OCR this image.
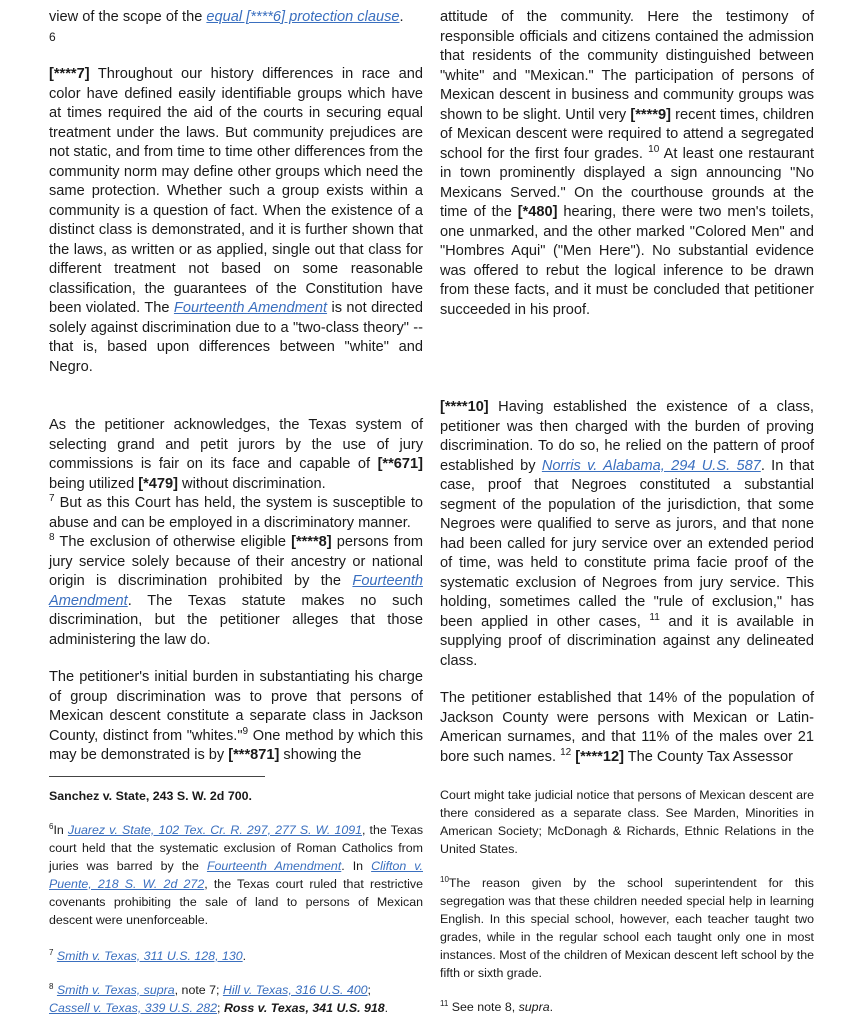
view of the scope of the equal [****6] protection clause.
6

[****7] Throughout our history differences in race and color have defined easily identifiable groups which have at times required the aid of the courts in securing equal treatment under the laws. But community prejudices are not static, and from time to time other differences from the community norm may define other groups which need the same protection. Whether such a group exists within a community is a question of fact. When the existence of a distinct class is demonstrated, and it is further shown that the laws, as written or as applied, single out that class for different treatment not based on some reasonable classification, the guarantees of the Constitution have been violated. The Fourteenth Amendment is not directed solely against discrimination due to a "two-class theory" -- that is, based upon differences between "white" and Negro.

As the petitioner acknowledges, the Texas system of selecting grand and petit jurors by the use of jury commissions is fair on its face and capable of [**671] being utilized [*479] without discrimination.
$^7$ But as this Court has held, the system is susceptible to abuse and can be employed in a discriminatory manner.
$^8$ The exclusion of otherwise eligible [****8] persons from jury service solely because of their ancestry or national origin is discrimination prohibited by the Fourteenth Amendment. The Texas statute makes no such discrimination, but the petitioner alleges that those administering the law do.

The petitioner's initial burden in substantiating his charge of group discrimination was to prove that persons of Mexican descent constitute a separate class in Jackson County, distinct from "whites."$^9$ One method by which this may be demonstrated is by [***871] showing the

Sanchez v. State, 243 S. W. 2d 700.

$^6$In Juarez v. State, 102 Tex. Cr. R. 297, 277 S. W. 1091, the Texas court held that the systematic exclusion of Roman Catholics from juries was barred by the Fourteenth Amendment. In Clifton v. Puente, 218 S. W. 2d 272, the Texas court ruled that restrictive covenants prohibiting the sale of land to persons of Mexican descent were unenforceable.

$^7$ Smith v. Texas, 311 U.S. 128, 130.

$^8$ Smith v. Texas, supra, note 7; Hill v. Texas, 316 U.S. 400;
Cassell v. Texas, 339 U.S. 282; Ross v. Texas, 341 U.S. 918.

attitude of the community. Here the testimony of responsible officials and citizens contained the admission that residents of the community distinguished between "white" and "Mexican." The participation of persons of Mexican descent in business and community groups was shown to be slight. Until very [****9] recent times, children of Mexican descent were required to attend a segregated school for the first four grades. $^{10}$ At least one restaurant in town prominently displayed a sign announcing "No Mexicans Served." On the courthouse grounds at the time of the [*480] hearing, there were two men's toilets, one unmarked, and the other marked "Colored Men" and "Hombres Aqui" ("Men Here"). No substantial evidence was offered to rebut the logical inference to be drawn from these facts, and it must be concluded that petitioner succeeded in his proof.

[****10] Having established the existence of a class, petitioner was then charged with the burden of proving discrimination. To do so, he relied on the pattern of proof established by Norris v. Alabama, 294 U.S. 587. In that case, proof that Negroes constituted a substantial segment of the population of the jurisdiction, that some Negroes were qualified to serve as jurors, and that none had been called for jury service over an extended period of time, was held to constitute prima facie proof of the systematic exclusion of Negroes from jury service. This holding, sometimes called the "rule of exclusion," has been applied in other cases, $^{11}$ and it is available in supplying proof of discrimination against any delineated class.

The petitioner established that 14% of the population of Jackson County were persons with Mexican or Latin-American surnames, and that 11% of the males over 21 bore such names. $^{12}$ [****12] The County Tax Assessor

Court might take judicial notice that persons of Mexican descent are there considered as a separate class. See Marden, Minorities in American Society; McDonagh & Richards, Ethnic Relations in the United States.

$^{10}$The reason given by the school superintendent for this segregation was that these children needed special help in learning English. In this special school, however, each teacher taught two grades, while in the regular school each taught only one in most instances. Most of the children of Mexican descent left school by the fifth or sixth grade.

$^{11}$ See note 8, supra.
